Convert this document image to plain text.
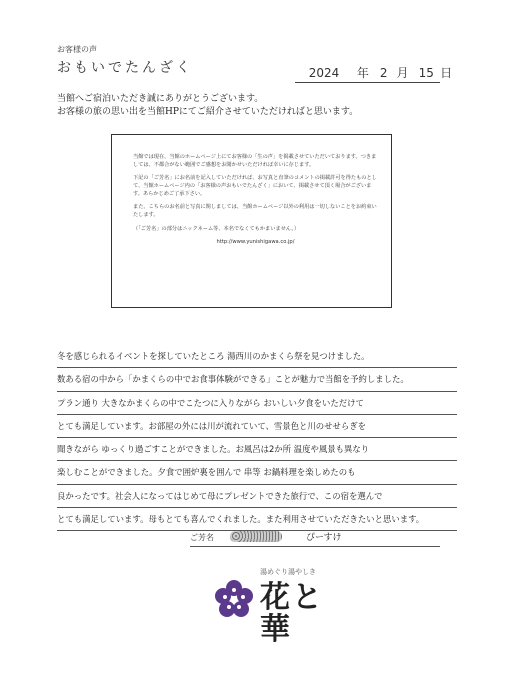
お客様の声
おもいでたんざく	2024 年 2 月 15 日
当館へご宿泊いただき誠にありがとうございます。
お客様の旅の思い出を当館HPにてご紹介させていただければと思います。

当館では現在、当館のホームページ上にてお客様の「生の声」を掲載させていただいております。つきましては、不都合がない範囲でご感想をお聞かせいただければ幸いに存じます。

下記の「ご芳名」にお名前を記入していただければ、お写真と直筆のコメントの掲載許可を得たものとして、当館ホームページ内の「お客様の声おもいでたんざく」において、掲載させて頂く場合がございます。あらかじめご了承下さい。

また、こちらのお名前と写真に関しましては、当館ホームページ以外の利用は一切しないことをお約束いたします。

（「ご芳名」の部分はニックネーム等、本名でなくてもかまいません。）

http://www.yunishigawa.co.jp/

冬を感じられるイベントを探していたところ 湯西川のかまくら祭を見つけました。
数ある宿の中から「かまくらの中でお食事体験ができる」ことが魅力で当館を予約しました。
プラン通り 大きなかまくらの中でこたつに入りながら おいしい夕食をいただけて
とても満足しています。お部屋の外には川が流れていて、雪景色と川のせせらぎを
聞きながら ゆっくり過ごすことができました。お風呂は2か所 温度や風景も異なり
楽しむことができました。夕食で囲炉裏を囲んで 串等 お鍋料理を楽しめたのも
良かったです。社会人になってはじめて母にプレゼントできた旅行で、この宿を選んで
とても満足しています。母もとても喜んでくれました。また利用させていただきたいと思います。
ご芳名	ぴーすけ
湯めぐり湯やしき
花と華
